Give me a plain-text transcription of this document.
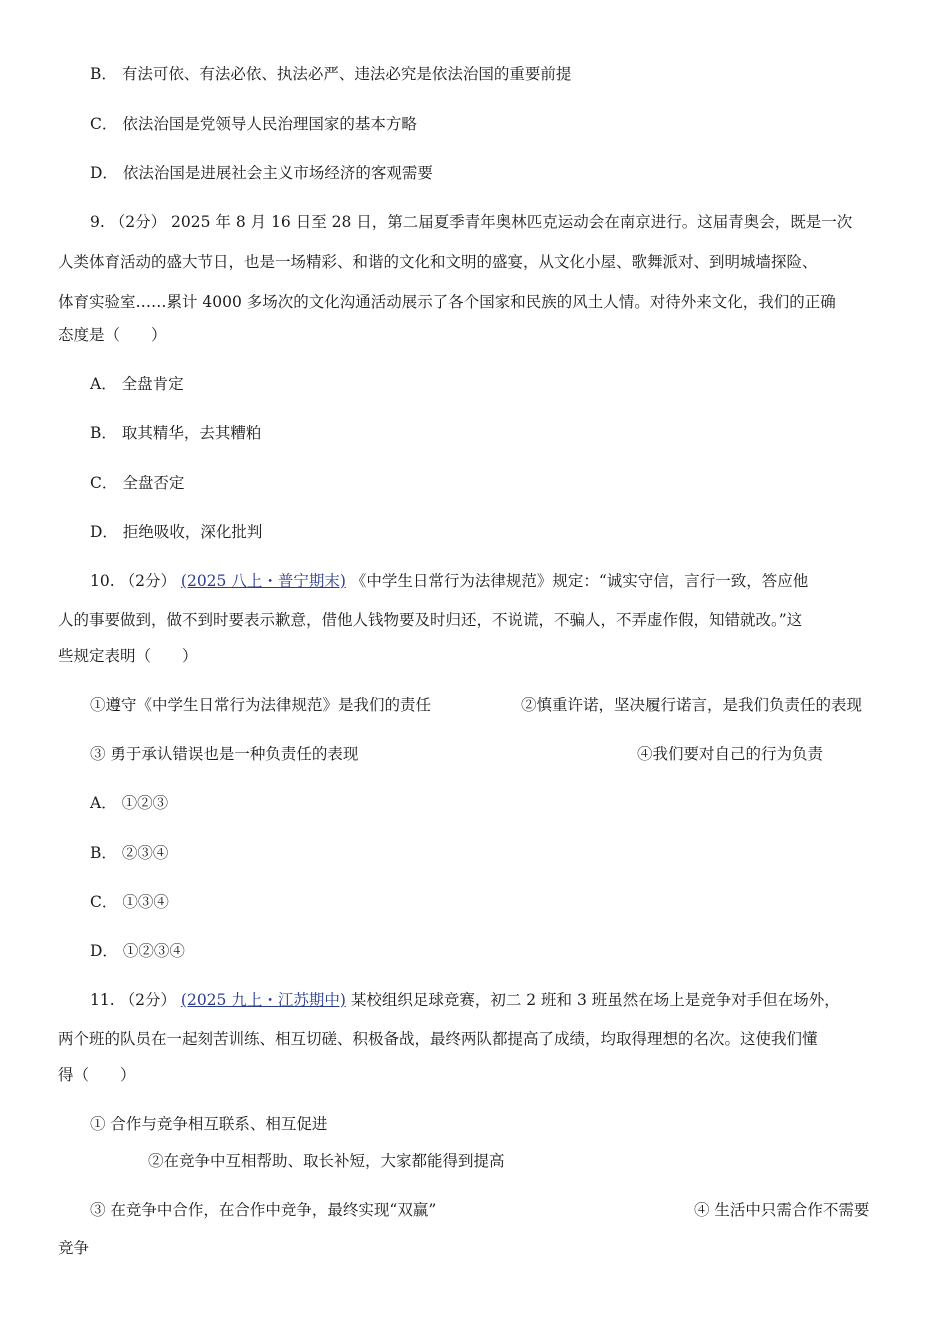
B． 有法可依、有法必依、执法必严、违法必究是依法治国的重要前提
C． 依法治国是党领导人民治理国家的基本方略
D． 依法治国是进展社会主义市场经济的客观需要
9. （2分） 2025 年 8 月 16 日至 28 日，第二届夏季青年奥林匹克运动会在南京进行。这届青奥会，既是一次
人类体育活动的盛大节日，也是一场精彩、和谐的文化和文明的盛宴，从文化小屋、歌舞派对、到明城墙探险、
体育实验室……累计 4000 多场次的文化沟通活动展示了各个国家和民族的风土人情。对待外来文化，我们的正确
态度是（　　）
A． 全盘肯定
B． 取其精华，去其糟粕
C． 全盘否定
D． 拒绝吸收，深化批判
10. （2分） (2025 八上・普宁期末) 《中学生日常行为法律规范》规定：“诚实守信，言行一致，答应他
人的事要做到，做不到时要表示歉意，借他人钱物要及时归还，不说谎，不骗人，不弄虚作假，知错就改。”这
些规定表明（　　）
①遵守《中学生日常行为法律规范》是我们的责任	②慎重许诺，坚决履行诺言，是我们负责任的表现
③ 勇于承认错误也是一种负责任的表现	④我们要对自己的行为负责
A． ①②③
B． ②③④
C． ①③④
D． ①②③④
11. （2分） (2025 九上・江苏期中) 某校组织足球竞赛，初二 2 班和 3 班虽然在场上是竞争对手但在场外，
两个班的队员在一起刻苦训练、相互切磋、积极备战，最终两队都提高了成绩，均取得理想的名次。这使我们懂
得（　　）
① 合作与竞争相互联系、相互促进
②在竞争中互相帮助、取长补短，大家都能得到提高
③ 在竞争中合作，在合作中竞争，最终实现“双赢”	④ 生活中只需合作不需要
竞争
